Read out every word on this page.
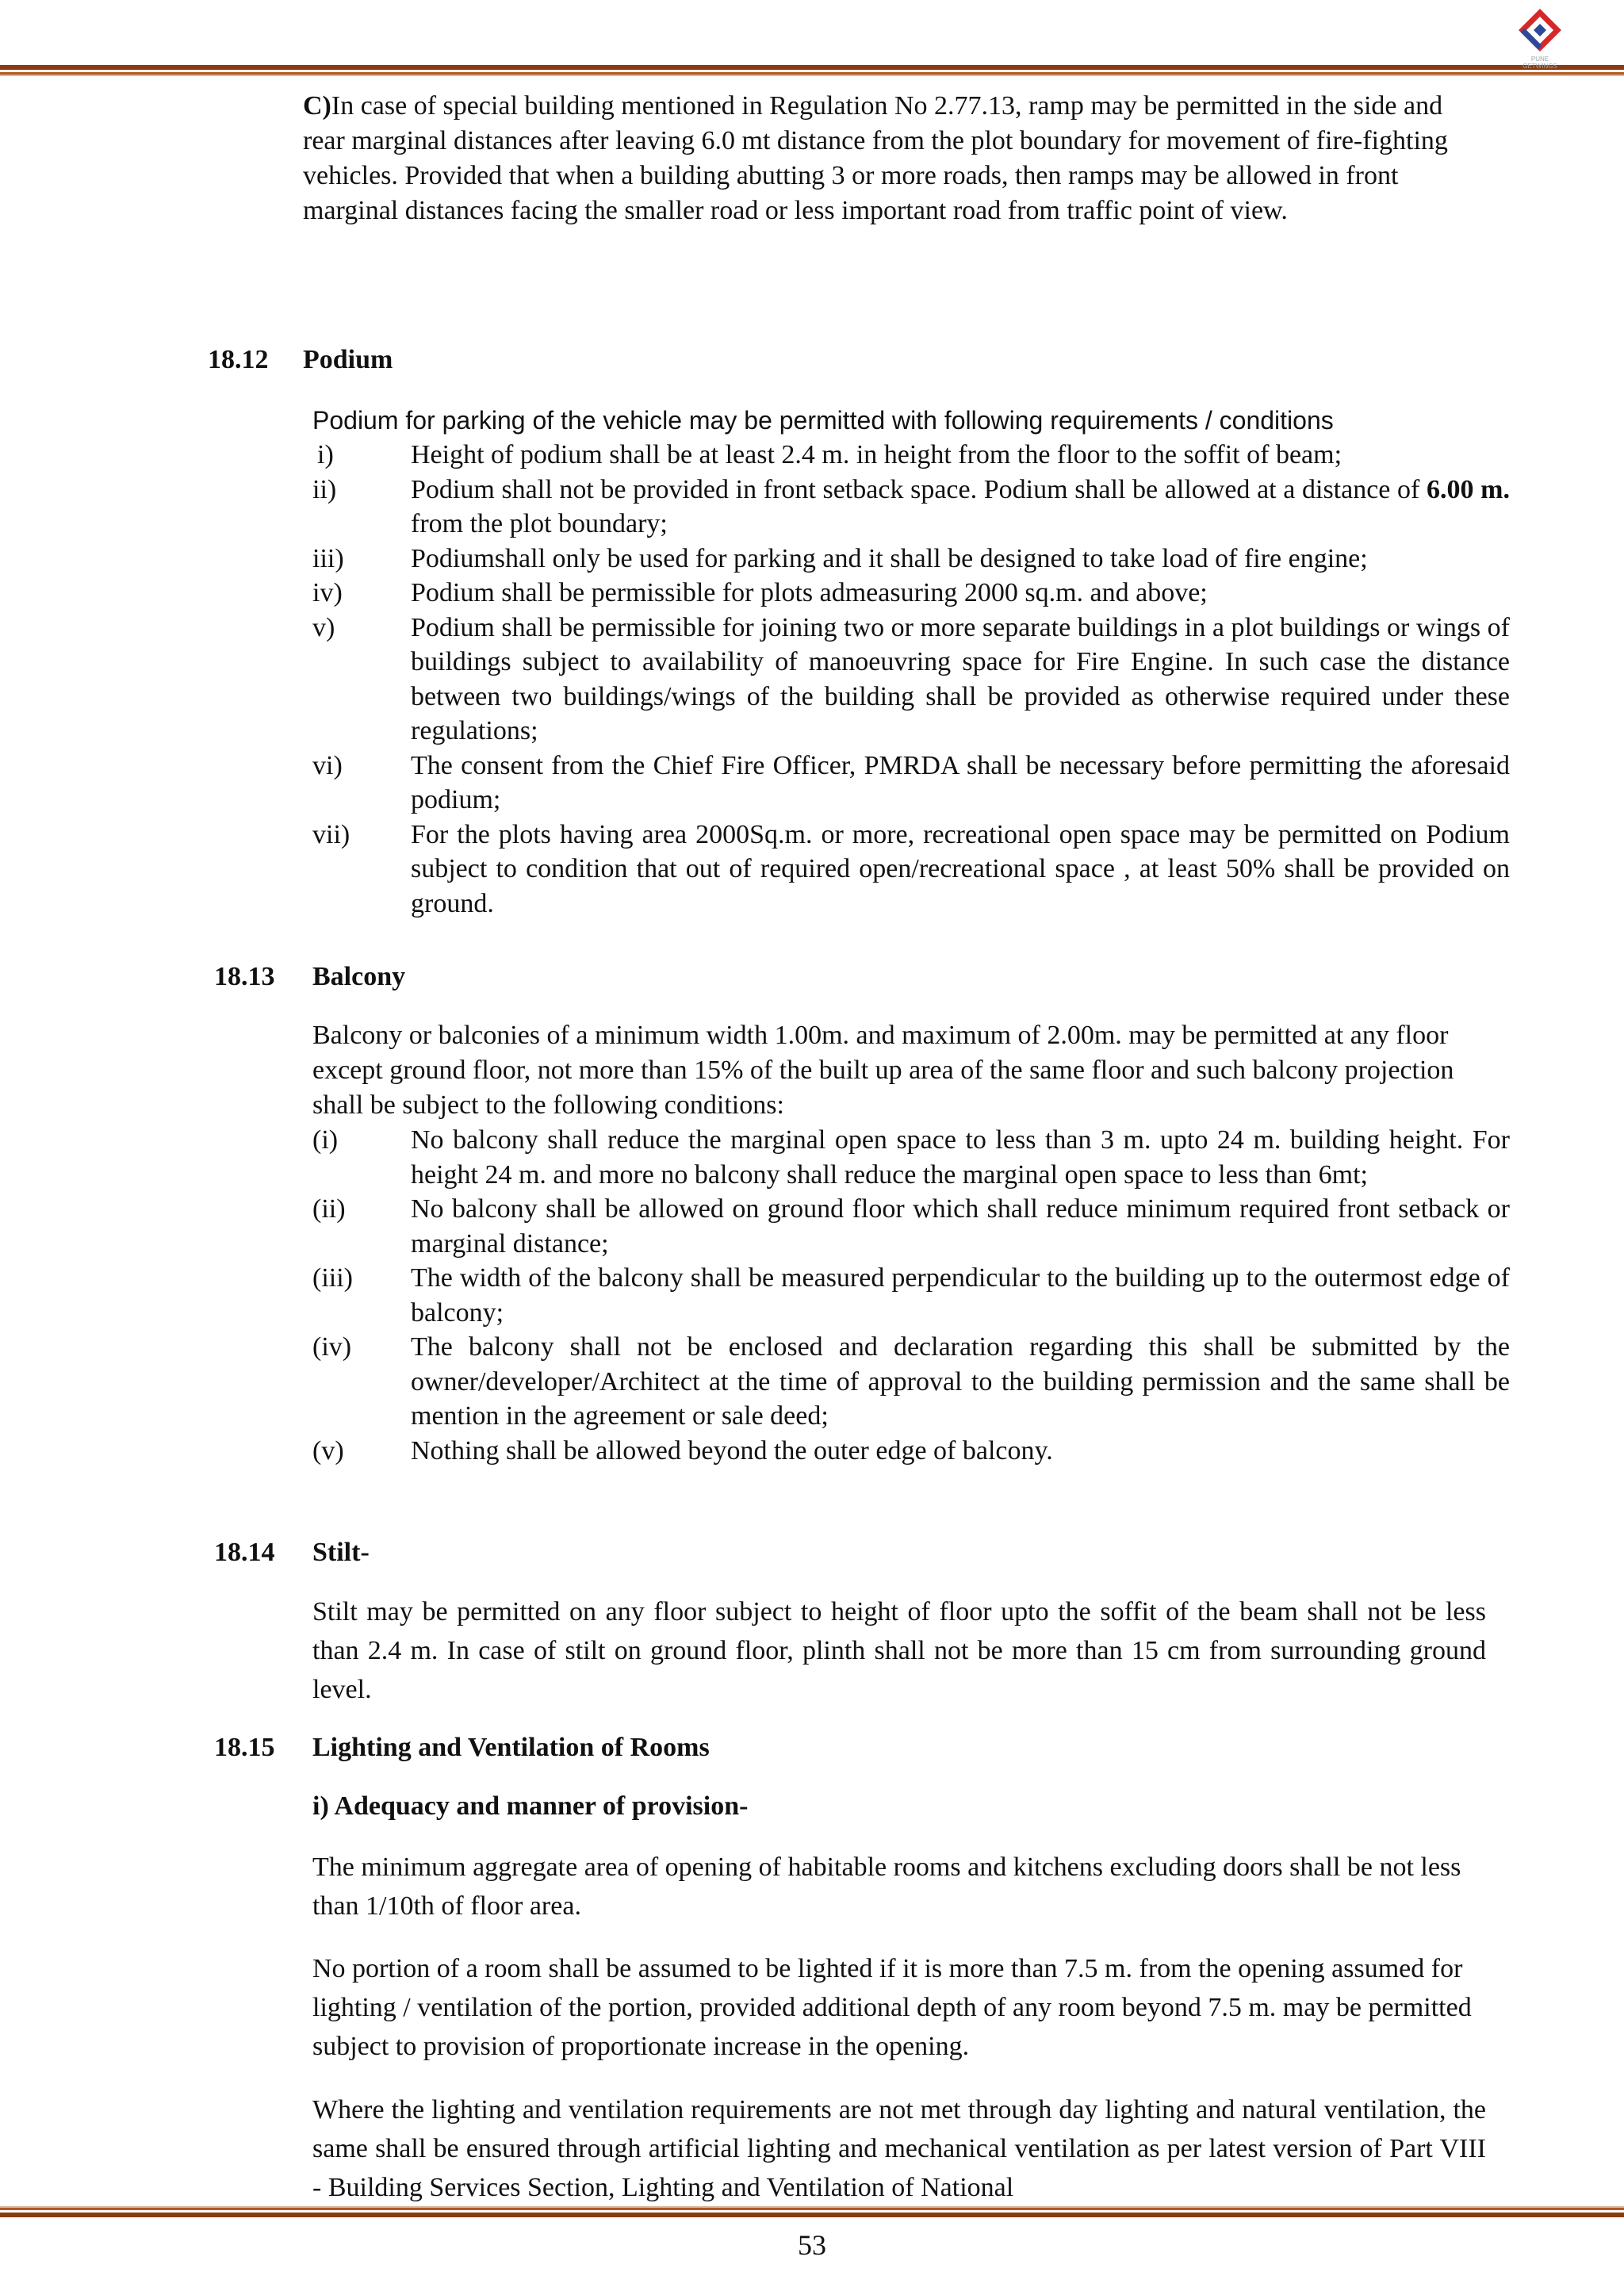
PUNE GETWINGS

C)In case of special building mentioned in Regulation No 2.77.13, ramp may be permitted in the side and rear marginal distances after leaving 6.0 mt distance from the plot boundary for movement of fire-fighting vehicles. Provided that when a building abutting 3 or more roads, then ramps may be allowed in front marginal distances facing the smaller road or less important road from traffic point of view.

18.12 Podium

Podium for parking of the vehicle may be permitted with following requirements / conditions

i)	Height of podium shall be at least 2.4 m. in height from the floor to the soffit of beam;
ii)	Podium shall not be provided in front setback space. Podium shall be allowed at a distance of 6.00 m. from the plot boundary;
iii) Podiumshall only be used for parking and it shall be designed to take load of fire engine;
iv)	Podium shall be permissible for plots admeasuring 2000 sq.m. and above;
v)	Podium shall be permissible for joining two or more separate buildings in a plot buildings or wings of buildings subject to availability of manoeuvring space for Fire Engine. In such case the distance between two buildings/wings of the building shall be provided as otherwise required under these regulations;
vi)	The consent from the Chief Fire Officer, PMRDA shall be necessary before permitting the aforesaid podium;
vii) For the plots having area 2000Sq.m. or more, recreational open space may be permitted on Podium subject to condition that out of required open/recreational space , at least 50% shall be provided on ground.
18.13 Balcony

Balcony or balconies of a minimum width 1.00m. and maximum of 2.00m. may be permitted at any floor except ground floor, not more than 15% of the built up area of the same floor and such balcony projection shall be subject to the following conditions:

(i)	No balcony shall reduce the marginal open space to less than 3 m. upto 24 m. building height. For height 24 m. and more no balcony shall reduce the marginal open space to less than 6mt;
(ii) No balcony shall be allowed on ground floor which shall reduce minimum required front setback or marginal distance;
(iii) The width of the balcony shall be measured perpendicular to the building up to the outermost edge of balcony;
(iv) The balcony shall not be enclosed and declaration regarding this shall be submitted by the owner/developer/Architect at the time of approval to the building permission and the same shall be mention in the agreement or sale deed;
(v) Nothing shall be allowed beyond the outer edge of balcony.
18.14 Stilt-

Stilt may be permitted on any floor subject to height of floor upto the soffit of the beam shall not be less than 2.4 m. In case of stilt on ground floor, plinth shall not be more than 15 cm from surrounding ground level.

18.15 Lighting and Ventilation of Rooms
i) Adequacy and manner of provision-

The minimum aggregate area of opening of habitable rooms and kitchens excluding doors shall be not less than 1/10th of floor area.

No portion of a room shall be assumed to be lighted if it is more than 7.5 m. from the opening assumed for lighting / ventilation of the portion, provided additional depth of any room beyond 7.5 m. may be permitted subject to provision of proportionate increase in the opening.

Where the lighting and ventilation requirements are not met through day lighting and natural ventilation, the same shall be ensured through artificial lighting and mechanical ventilation as per latest version of Part VIII - Building Services Section, Lighting and Ventilation of National

53
